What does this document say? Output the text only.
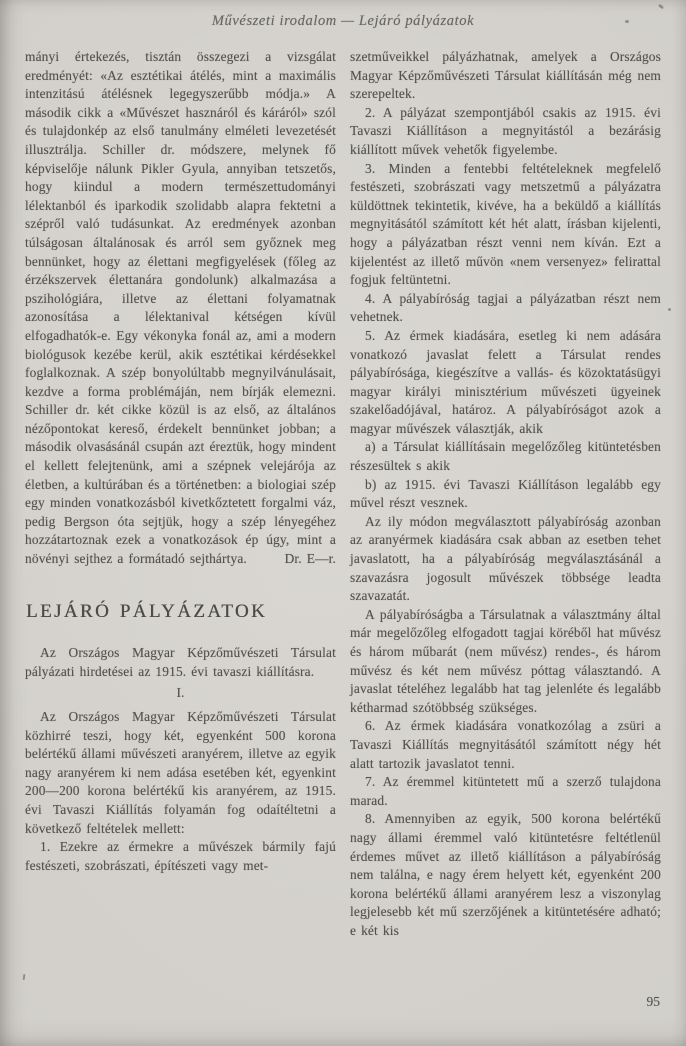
Művészeti irodalom — Lejáró pályázatok

mányi értekezés, tisztán összegezi a vizsgálat eredményét: «Az esztétikai átélés, mint a maximális intenzitású átélésnek legegyszerűbb módja.» A második cikk a «Művészet hasznáról és káráról» szól és tulajdonkép az első tanulmány elméleti levezetését illusztrálja. Schiller dr. módszere, melynek fő képviselője nálunk Pikler Gyula, annyiban tetszetős, hogy kiindul a modern természettudományi lélektanból és iparkodik szolidabb alapra fektetni a szépről való tudásunkat. Az eredmények azonban túlságosan általánosak és arról sem győznek meg bennünket, hogy az élettani megfigyelések (főleg az érzékszervek élettanára gondolunk) alkalmazása a pszihológiára, illetve az élettani folyamatnak azonosítása a lélektanival kétségen kívül elfogadhatók-e. Egy vékonyka fonál az, ami a modern biológusok kezébe kerül, akik esztétikai kérdésekkel foglalkoznak. A szép bonyolúltabb megnyilvánulásait, kezdve a forma problémáján, nem bírják elemezni. Schiller dr. két cikke közül is az első, az általános nézőpontokat kereső, érdekelt bennünket jobban; a második olvasásánál csupán azt éreztük, hogy mindent el kellett felejtenünk, ami a szépnek velejárója az életben, a kultúrában és a történetben: a biologiai szép egy minden vonatkozásból kivetkőztetett forgalmi váz, pedig Bergson óta sejtjük, hogy a szép lényegéhez hozzátartoznak ezek a vonatkozások ép úgy, mint a növényi sejthez a formátadó sejthártya.	Dr. E—r.

LEJÁRÓ PÁLYÁZATOK

Az Országos Magyar Képzőművészeti Társulat pályázati hirdetései az 1915. évi tavaszi kiállításra.

I.

Az Országos Magyar Képzőművészeti Társulat közhirré teszi, hogy két, egyenként 500 korona belértékű állami művészeti aranyérem, illetve az egyik nagy aranyérem ki nem adása esetében két, egyenkint 200—200 korona belértékű kis aranyérem, az 1915. évi Tavaszi Kiállítás folyamán fog odaítéltetni a következő feltételek mellett:

1. Ezekre az érmekre a művészek bármily fajú festészeti, szobrászati, építészeti vagy met-

szetműveikkel pályázhatnak, amelyek a Országos Magyar Képzőművészeti Társulat kiállításán még nem szerepeltek.

2. A pályázat szempontjából csakis az 1915. évi Tavaszi Kiállításon a megnyitástól a bezárásig kiállított művek vehetők figyelembe.

3. Minden a fentebbi feltételeknek megfelelő festészeti, szobrászati vagy metszetmű a pályázatra küldöttnek tekintetik, kivéve, ha a beküldő a kiállítás megnyitásától számított két hét alatt, írásban kijelenti, hogy a pályázatban részt venni nem kíván. Ezt a kijelentést az illető művön «nem versenyez» felirattal fogjuk feltüntetni.

4. A pályabíróság tagjai a pályázatban részt nem vehetnek.

5. Az érmek kiadására, esetleg ki nem adására vonatkozó javaslat felett a Társulat rendes pályabírósága, kiegészítve a vallás- és közoktatásügyi magyar királyi minisztérium művészeti ügyeinek szakelőadójával, határoz. A pályabíróságot azok a magyar művészek választják, akik

a) a Társulat kiállításain megelőzőleg kitüntetésben részesültek s akik

b) az 1915. évi Tavaszi Kiállításon legalább egy művel részt vesznek.

Az ily módon megválasztott pályabíróság azonban az aranyérmek kiadására csak abban az esetben tehet javaslatott, ha a pályabíróság megválasztásánál a szavazásra jogosult művészek többsége leadta szavazatát.

A pályabíróságba a Társulatnak a választmány által már megelőzőleg elfogadott tagjai köréből hat művész és három műbarát (nem művész) rendes-, és három művész és két nem művész póttag választandó. A javaslat tételéhez legalább hat tag jelenléte és legalább kétharmad szótöbbség szükséges.

6. Az érmek kiadására vonatkozólag a zsüri a Tavaszi Kiállítás megnyitásától számított négy hét alatt tartozik javaslatot tenni.

7. Az éremmel kitüntetett mű a szerző tulajdona marad.

8. Amennyiben az egyik, 500 korona belértékű nagy állami éremmel való kitüntetésre feltétlenül érdemes művet az illető kiállításon a pályabíróság nem találna, e nagy érem helyett két, egyenként 200 korona belértékű állami aranyérem lesz a viszonylag legjelesebb két mű szerzőjének a kitüntetésére adható; e két kis

95
